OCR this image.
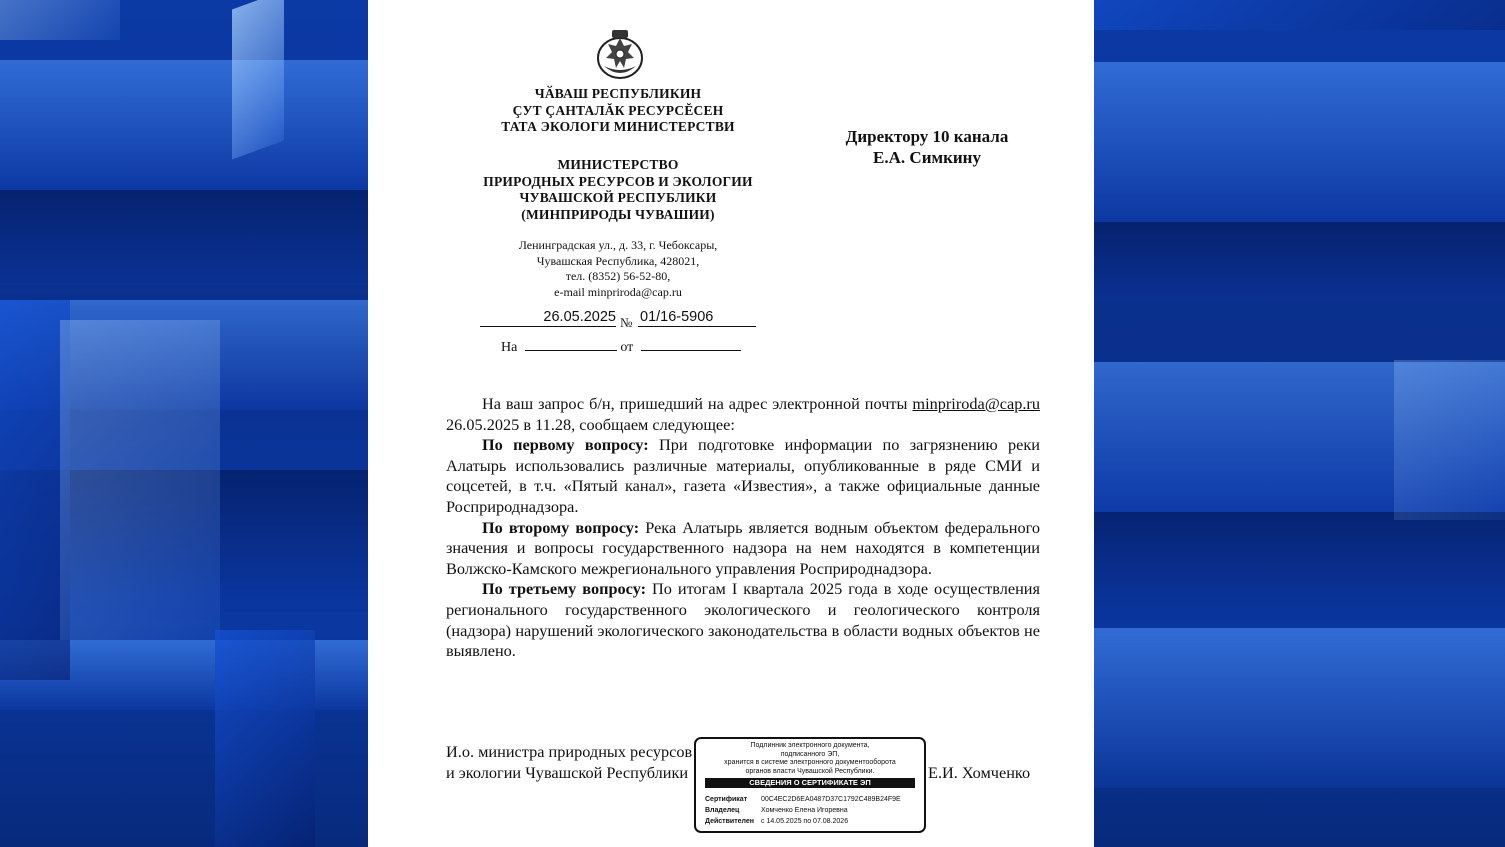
ЧӐВАШ РЕСПУБЛИКИН
ÇУТ ÇАНТАЛĂК РЕСУРСĔСЕН
ТАТА ЭКОЛОГИ МИНИСТЕРСТВИ
МИНИСТЕРСТВО
ПРИРОДНЫХ РЕСУРСОВ И ЭКОЛОГИИ
ЧУВАШСКОЙ РЕСПУБЛИКИ
(МИНПРИРОДЫ ЧУВАШИИ)
Ленинградская ул., д. 33, г. Чебоксары,
Чувашская Республика, 428021,
тел. (8352) 56-52-80,
e-mail minpriroda@cap.ru
26.05.2025 № 01/16-5906
На	от
Директору 10 канала
Е.А. Симкину

На ваш запрос б/н, пришедший на адрес электронной почты minpriroda@cap.ru 26.05.2025 в 11.28, сообщаем следующее:

По первому вопросу: При подготовке информации по загрязнению реки Алатырь использовались различные материалы, опубликованные в ряде СМИ и соцсетей, в т.ч. «Пятый канал», газета «Известия», а также официальные данные Росприроднадзора.

По второму вопросу: Река Алатырь является водным объектом федерального значения и вопросы государственного надзора на нем находятся в компетенции Волжско-Камского межрегионального управления Росприроднадзора.

По третьему вопросу: По итогам I квартала 2025 года в ходе осуществления регионального государственного экологического и геологического контроля (надзора) нарушений экологического законодательства в области водных объектов не выявлено.

И.о. министра природных ресурсов
и экологии Чувашской Республики	Е.И. Хомченко
Подлинник электронного документа,
подписанного ЭП,
хранится в системе электронного документооборота
органов власти Чувашской Республики.
СВЕДЕНИЯ О СЕРТИФИКАТЕ ЭП
Сертификат 00C4EC2D6EA0487D37C1792C489B24F9E
Владелец	Хомченко Елена Игоревна
Действителен с 14.05.2025 по 07.08.2026
